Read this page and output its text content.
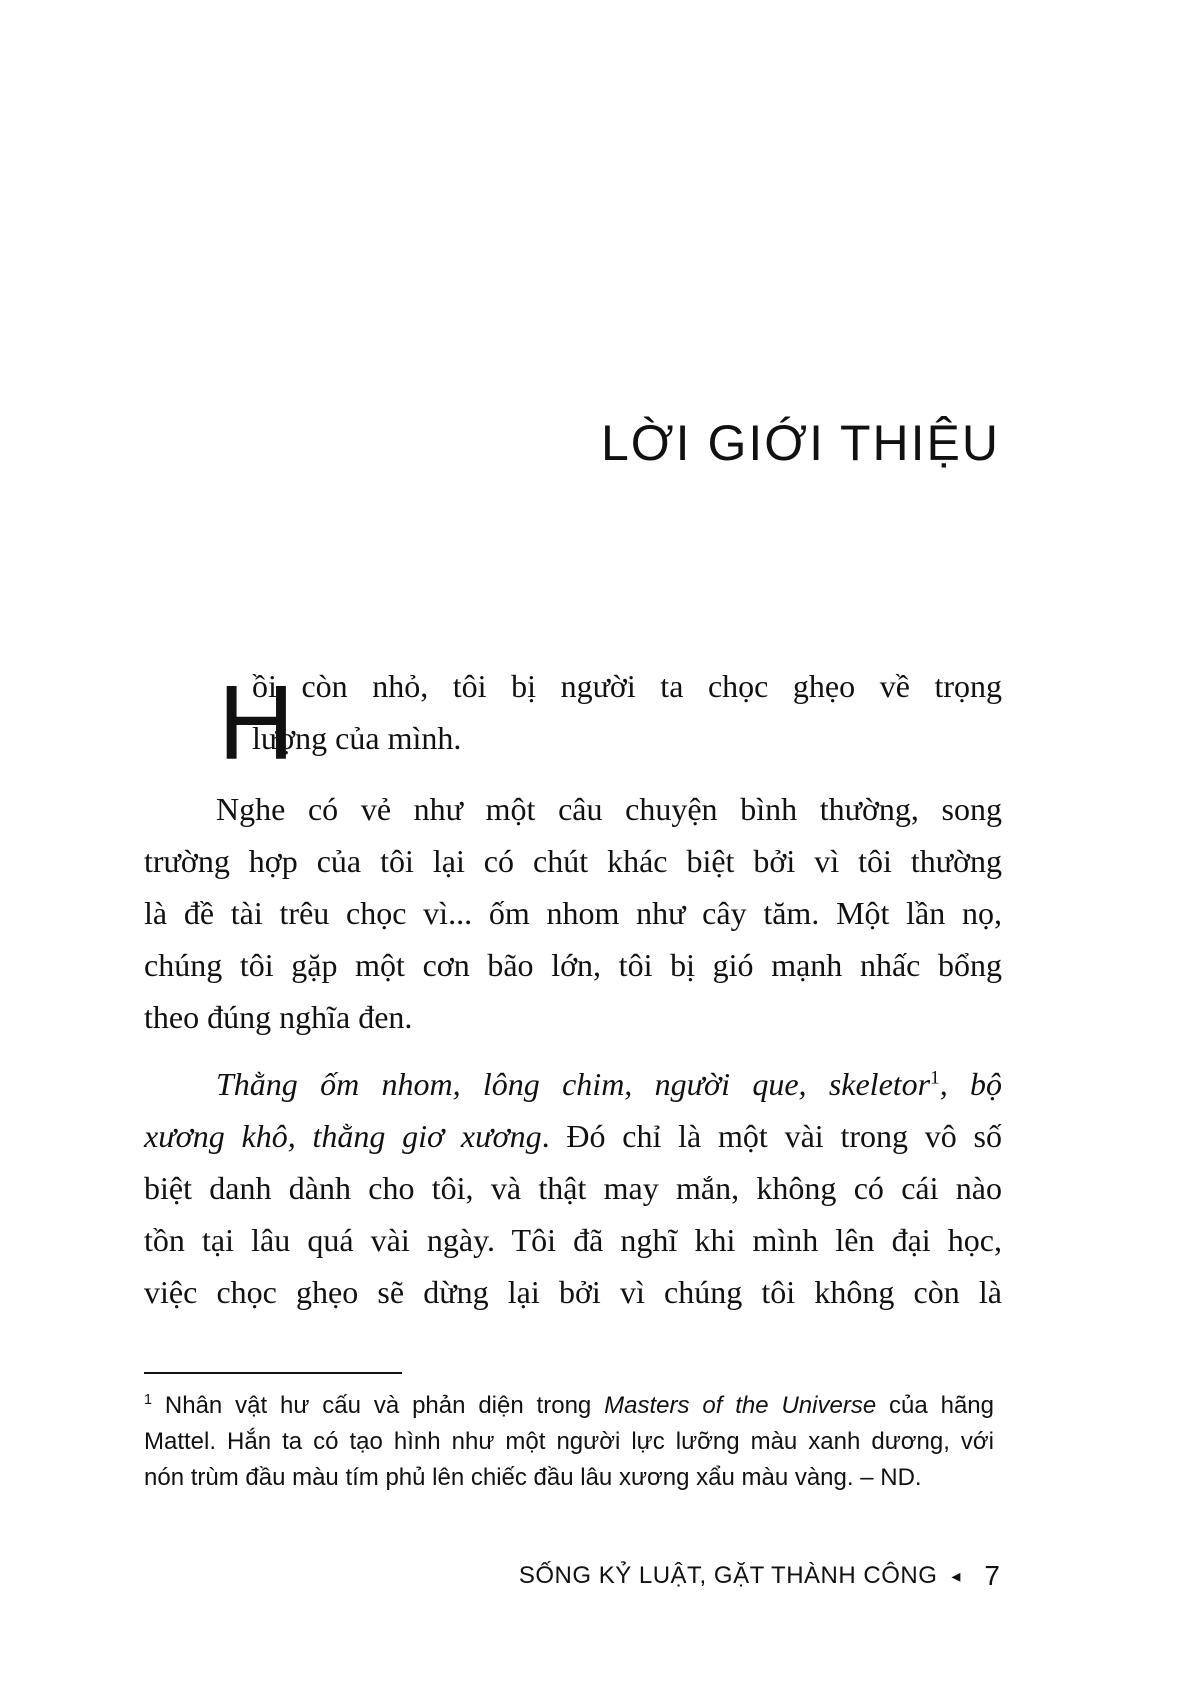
LỜI GIỚI THIỆU
H

ồi còn nhỏ, tôi bị người ta chọc ghẹo về trọng
lượng của mình.

Nghe có vẻ như một câu chuyện bình thường, song
trường hợp của tôi lại có chút khác biệt bởi vì tôi thường
là đề tài trêu chọc vì... ốm nhom như cây tăm. Một lần nọ,
chúng tôi gặp một cơn bão lớn, tôi bị gió mạnh nhấc bổng
theo đúng nghĩa đen.

Thằng ốm nhom, lông chim, người que, skeletor$^1$, bộ
xương khô, thằng giơ xương. Đó chỉ là một vài trong vô số
biệt danh dành cho tôi, và thật may mắn, không có cái nào
tồn tại lâu quá vài ngày. Tôi đã nghĩ khi mình lên đại học,
việc chọc ghẹo sẽ dừng lại bởi vì chúng tôi không còn là

$^1$ Nhân vật hư cấu và phản diện trong Masters of the Universe của hãng
Mattel. Hắn ta có tạo hình như một người lực lưỡng màu xanh dương, với
nón trùm đầu màu tím phủ lên chiếc đầu lâu xương xẩu màu vàng. – ND.
SỐNG KỶ LUẬT, GẶT THÀNH CÔNG ◂ 7
